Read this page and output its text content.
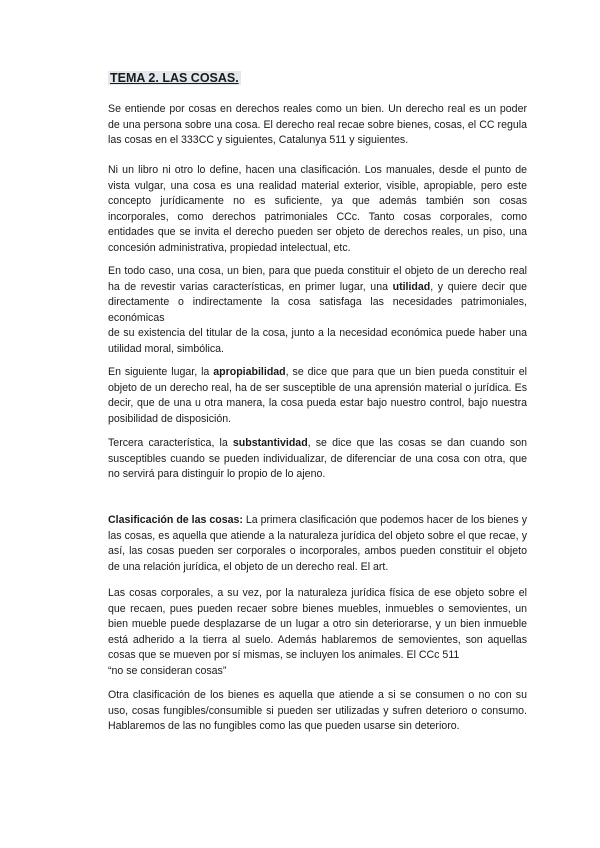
TEMA 2. LAS COSAS.

Se entiende por cosas en derechos reales como un bien. Un derecho real es un poder de una persona sobre una cosa. El derecho real recae sobre bienes, cosas, el CC regula las cosas en el 333CC y siguientes, Catalunya 511 y siguientes.

Ni un libro ni otro lo define, hacen una clasificación. Los manuales, desde el punto de vista vulgar, una cosa es una realidad material exterior, visible, apropiable, pero este concepto jurídicamente no es suficiente, ya que además también son cosas incorporales, como derechos patrimoniales CCc. Tanto cosas corporales, como entidades que se invita el derecho pueden ser objeto de derechos reales, un piso, una concesión administrativa, propiedad intelectual, etc.

En todo caso, una cosa, un bien, para que pueda constituir el objeto de un derecho real ha de revestir varias características, en primer lugar, una utilidad, y quiere decir que directamente o indirectamente la cosa satisfaga las necesidades patrimoniales, económicas
de su existencia del titular de la cosa, junto a la necesidad económica puede haber una utilidad moral, simbólica.

En siguiente lugar, la apropiabilidad, se dice que para que un bien pueda constituir el objeto de un derecho real, ha de ser susceptible de una aprensión material o jurídica. Es decir, que de una u otra manera, la cosa pueda estar bajo nuestro control, bajo nuestra posibilidad de disposición.

Tercera característica, la substantividad, se dice que las cosas se dan cuando son susceptibles cuando se pueden individualizar, de diferenciar de una cosa con otra, que no servirá para distinguir lo propio de lo ajeno.

Clasificación de las cosas: La primera clasificación que podemos hacer de los bienes y las cosas, es aquella que atiende a la naturaleza jurídica del objeto sobre el que recae, y así, las cosas pueden ser corporales o incorporales, ambos pueden constituir el objeto de una relación jurídica, el objeto de un derecho real. El art.

Las cosas corporales, a su vez, por la naturaleza jurídica física de ese objeto sobre el que recaen, pues pueden recaer sobre bienes muebles, inmuebles o semovientes, un bien mueble puede desplazarse de un lugar a otro sin deteriorarse, y un bien inmueble está adherido a la tierra al suelo. Además hablaremos de semovientes, son aquellas cosas que se mueven por sí mismas, se incluyen los animales. El CCc 511
“no se consideran cosas”

Otra clasificación de los bienes es aquella que atiende a si se consumen o no con su uso, cosas fungibles/consumible si pueden ser utilizadas y sufren deterioro o consumo. Hablaremos de las no fungibles como las que pueden usarse sin deterioro.
